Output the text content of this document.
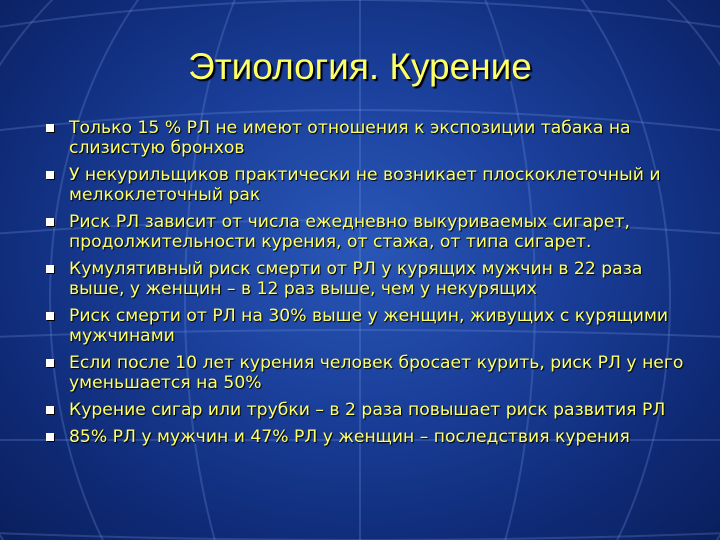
Этиология. Курение
Только 15 % РЛ не имеют отношения к экспозиции табака на слизистую бронхов
У некурильщиков практически не возникает плоскоклеточный и мелкоклеточный рак
Риск РЛ зависит от числа ежедневно выкуриваемых сигарет, продолжительности курения, от стажа, от типа сигарет.
Кумулятивный риск смерти от РЛ у курящих мужчин в 22 раза выше, у женщин – в 12 раз выше, чем у некурящих
Риск смерти от РЛ на 30% выше у женщин, живущих с курящими мужчинами
Если после 10 лет курения человек бросает курить, риск РЛ у него уменьшается на 50%
Курение сигар или трубки – в 2 раза повышает риск развития РЛ
85% РЛ у мужчин и 47% РЛ у женщин – последствия курения
